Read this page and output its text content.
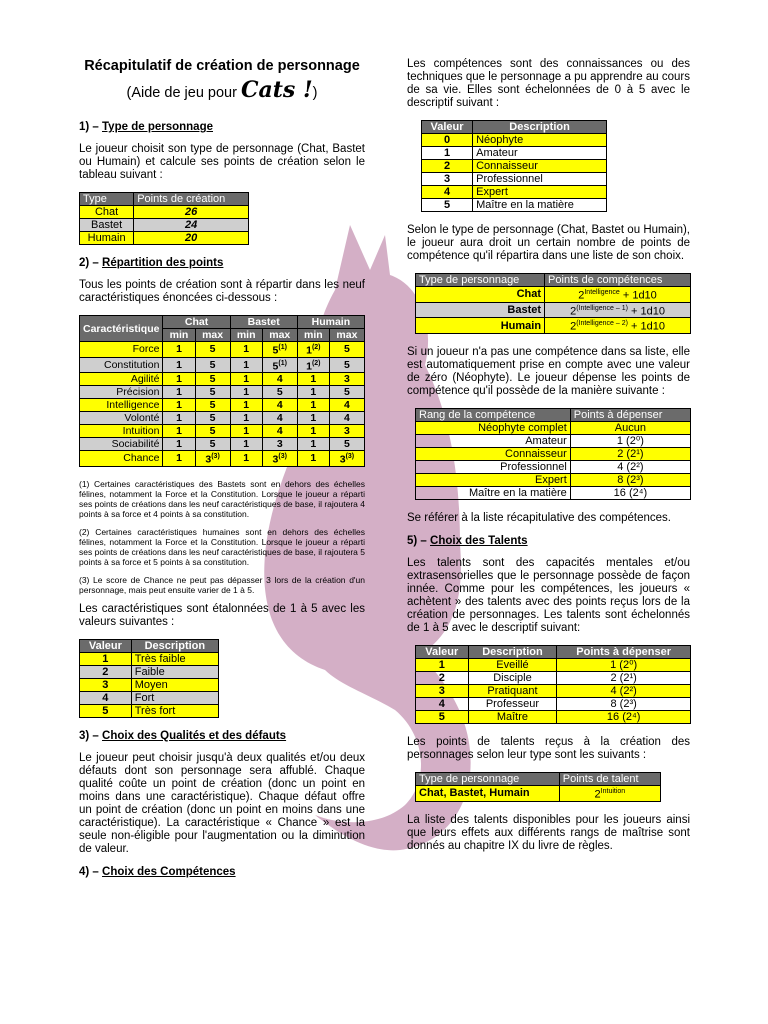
Récapitulatif de création de personnage
(Aide de jeu pour Cats !)
1) – Type de personnage

Le joueur choisit son type de personnage (Chat, Bastet ou Humain) et calcule ses points de création selon le tableau suivant :

Type	Points de création
Chat	26
Bastet	24
Humain	20
2) – Répartition des points

Tous les points de création sont à répartir dans les neuf caractéristiques énoncées ci-dessous :

Caractéristique	Chat		Bastet		Humain	
	min	max	min	max	min	max
Force	1	5	1	5$^{(1)}$	1$^{(2)}$	5
Constitution	1	5	1	5$^{(1)}$	1$^{(2)}$	5
Agilité	1	5	1	4	1	3
Précision	1	5	1	5	1	5
Intelligence	1	5	1	4	1	4
Volonté	1	5	1	4	1	4
Intuition	1	5	1	4	1	3
Sociabilité	1	5	1	3	1	5
Chance	1	3$^{(3)}$	1	3$^{(3)}$	1	3$^{(3)}$
(1) Certaines caractéristiques des Bastets sont en dehors des échelles félines, notamment la Force et la Constitution. Lorsque le joueur a réparti ses points de créations dans les neuf caractéristiques de base, il rajoutera 4 points à sa force et 4 points à sa constitution.
(2) Certaines caractéristiques humaines sont en dehors des échelles félines, notamment la Force et la Constitution. Lorsque le joueur a réparti ses points de créations dans les neuf caractéristiques de base, il rajoutera 5 points à sa force et 5 points à sa constitution.
(3) Le score de Chance ne peut pas dépasser 3 lors de la création d'un personnage, mais peut ensuite varier de 1 à 5.

Les caractéristiques sont étalonnées de 1 à 5 avec les valeurs suivantes :

Valeur	Description
1	Très faible
2	Faible
3	Moyen
4	Fort
5	Très fort
3) – Choix des Qualités et des défauts

Le joueur peut choisir jusqu'à deux qualités et/ou deux défauts dont son personnage sera affublé. Chaque qualité coûte un point de création (donc un point en moins dans une caractéristique). Chaque défaut offre un point de création (donc un point en moins dans une caractéristique). La caractéristique « Chance » est la seule non-éligible pour l'augmentation ou la diminution de valeur.

4) – Choix des Compétences

Les compétences sont des connaissances ou des techniques que le personnage a pu apprendre au cours de sa vie. Elles sont échelonnées de 0 à 5 avec le descriptif suivant :

Valeur	Description
0	Néophyte
1	Amateur
2	Connaisseur
3	Professionnel
4	Expert
5	Maître en la matière

Selon le type de personnage (Chat, Bastet ou Humain), le joueur aura droit un certain nombre de points de compétence qu'il répartira dans une liste de son choix.

Type de personnage	Points de compétences
Chat	$2^{Intelligence} + 1d10$
Bastet	$2^{(Intelligence - 1)} + 1d10$
Humain	$2^{(Intelligence - 2)} + 1d10$

Si un joueur n'a pas une compétence dans sa liste, elle est automatiquement prise en compte avec une valeur de zéro (Néophyte). Le joueur dépense les points de compétence qu'il possède de la manière suivante :

Rang de la compétence	Points à dépenser
Néophyte complet	Aucun
Amateur	1 (2⁰)
Connaisseur	2 (2¹)
Professionnel	4 (2²)
Expert	8 (2³)
Maître en la matière	16 (2⁴)

Se référer à la liste récapitulative des compétences.

5) – Choix des Talents

Les talents sont des capacités mentales et/ou extrasensorielles que le personnage possède de façon innée. Comme pour les compétences, les joueurs « achètent » des talents avec des points reçus lors de la création de personnages. Les talents sont échelonnés de 1 à 5 avec le descriptif suivant:

Valeur	Description	Points à dépenser
1	Eveillé	1 (2⁰)
2	Disciple	2 (2¹)
3	Pratiquant	4 (2²)
4	Professeur	8 (2³)
5	Maître	16 (2⁴)

Les points de talents reçus à la création des personnages selon leur type sont les suivants :

Type de personnage	Points de talent
Chat, Bastet, Humain	$2^{Intuition}$

La liste des talents disponibles pour les joueurs ainsi que leurs effets aux différents rangs de maîtrise sont donnés au chapitre IX du livre de règles.
